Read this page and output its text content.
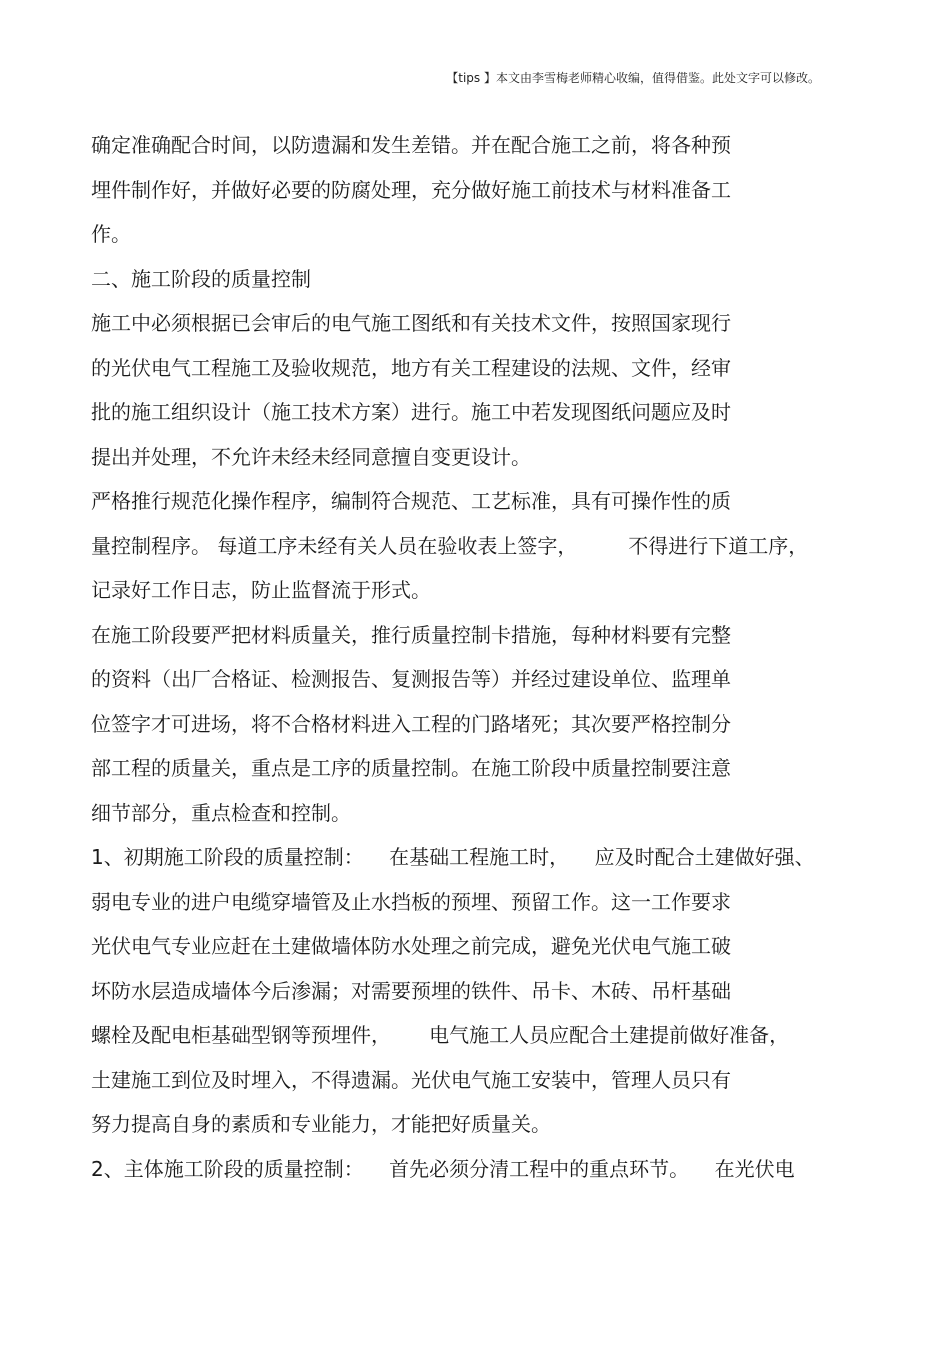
【tips 】本文由李雪梅老师精心收编，值得借鉴。此处文字可以修改。
确定准确配合时间，以防遗漏和发生差错。并在配合施工之前，将各种预
埋件制作好，并做好必要的防腐处理，充分做好施工前技术与材料准备工
作。
二、施工阶段的质量控制
施工中必须根据已会审后的电气施工图纸和有关技术文件，按照国家现行
的光伏电气工程施工及验收规范，地方有关工程建设的法规、文件，经审
批的施工组织设计（施工技术方案）进行。施工中若发现图纸问题应及时
提出并处理，不允许未经未经同意擅自变更设计。
严格推行规范化操作程序，编制符合规范、工艺标准，具有可操作性的质
量控制程序。 每道工序未经有关人员在验收表上签字，        不得进行下道工序，
记录好工作日志，防止监督流于形式。
在施工阶段要严把材料质量关，推行质量控制卡措施，每种材料要有完整
的资料（出厂合格证、检测报告、复测报告等）并经过建设单位、监理单
位签字才可进场，将不合格材料进入工程的门路堵死；其次要严格控制分
部工程的质量关，重点是工序的质量控制。在施工阶段中质量控制要注意
细节部分，重点检查和控制。
1、初期施工阶段的质量控制：    在基础工程施工时，    应及时配合土建做好强、
弱电专业的进户电缆穿墙管及止水挡板的预埋、预留工作。这一工作要求
光伏电气专业应赶在土建做墙体防水处理之前完成，避免光伏电气施工破
坏防水层造成墙体今后渗漏；对需要预埋的铁件、吊卡、木砖、吊杆基础
螺栓及配电柜基础型钢等预埋件，      电气施工人员应配合土建提前做好准备，
土建施工到位及时埋入，不得遗漏。光伏电气施工安装中，管理人员只有
努力提高自身的素质和专业能力，才能把好质量关。
2、主体施工阶段的质量控制：    首先必须分清工程中的重点环节。    在光伏电
